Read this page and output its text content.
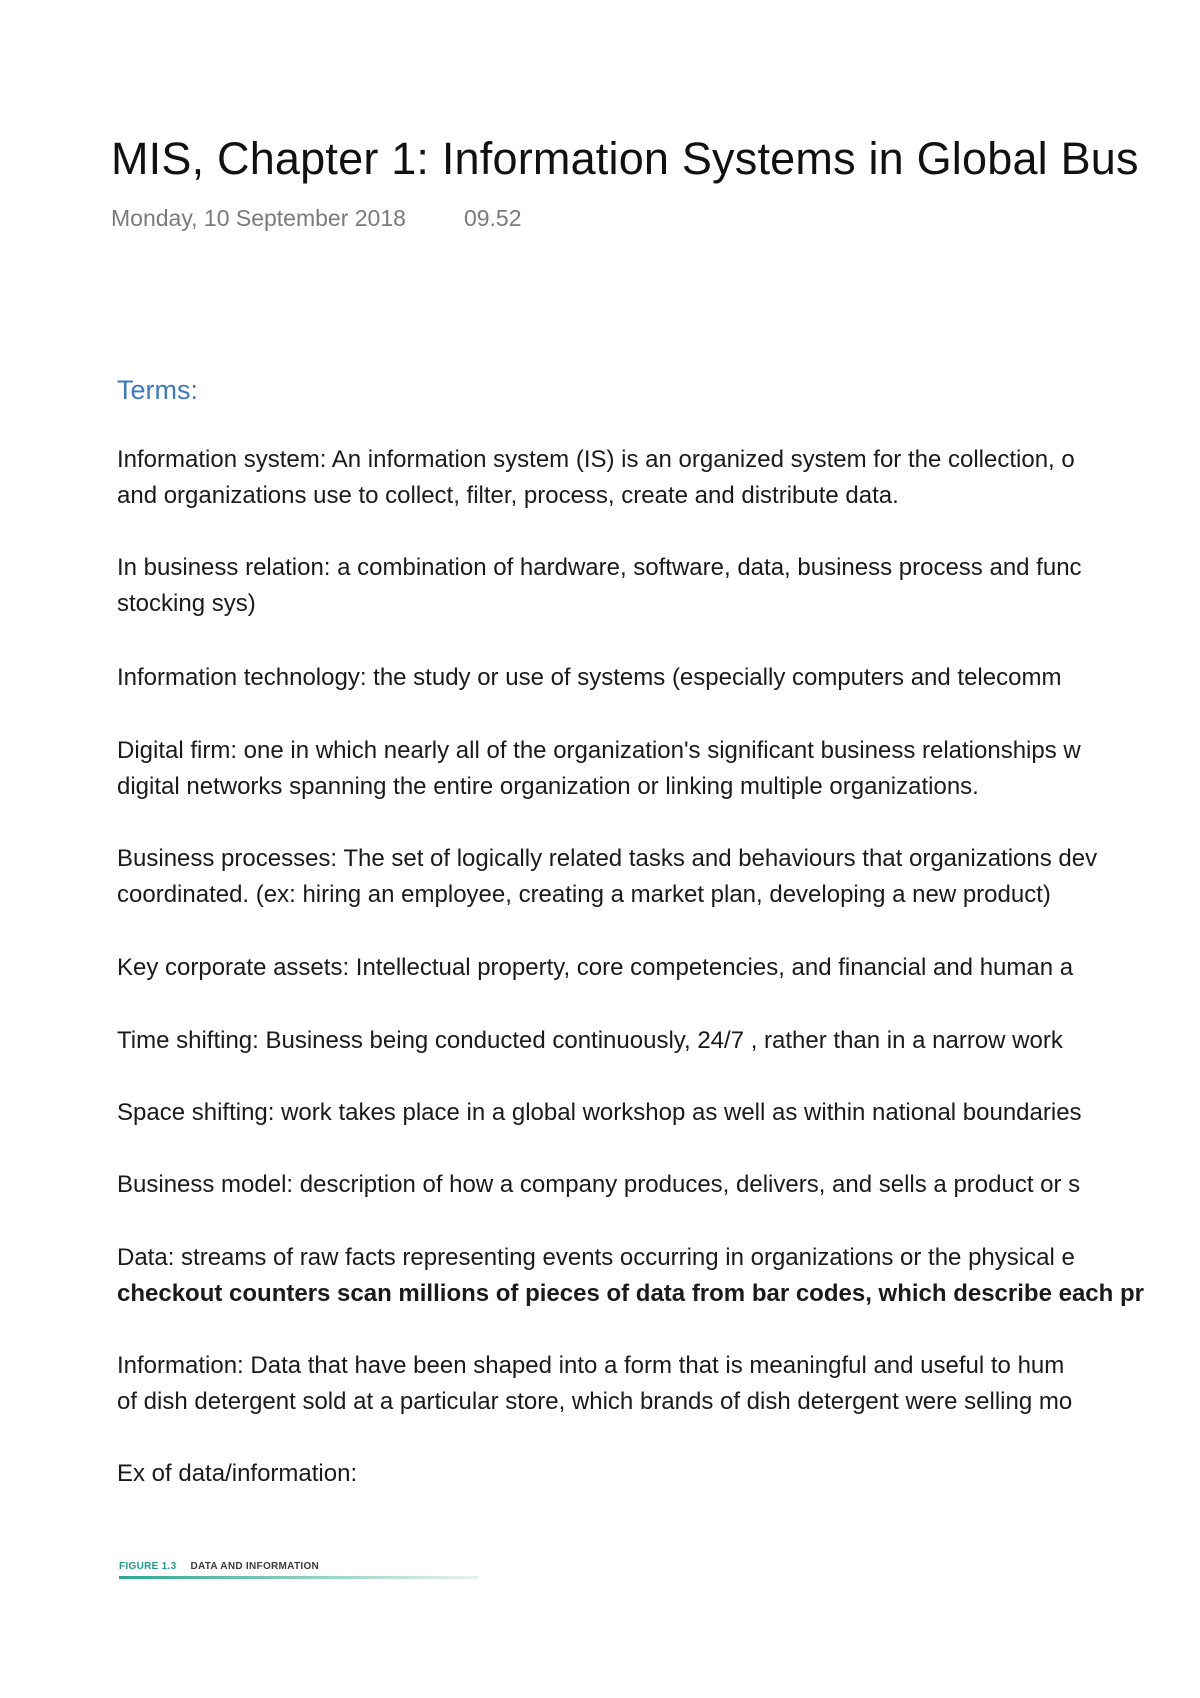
MIS, Chapter 1: Information Systems in Global Bus
Monday, 10 September 2018	09.52
Terms:
Information system: An information system (IS) is an organized system for the collection, o
and organizations use to collect, filter, process, create and distribute data.
In business relation: a combination of hardware, software, data, business process and func
stocking sys)
Information technology: the study or use of systems (especially computers and telecomm
Digital firm: one in which nearly all of the organization's significant business relationships w
digital networks spanning the entire organization or linking multiple organizations.
Business processes: The set of logically related tasks and behaviours that organizations dev
coordinated. (ex: hiring an employee, creating a market plan, developing a new product)
Key corporate assets: Intellectual property, core competencies, and financial and human a
Time shifting: Business being conducted continuously, 24/7 , rather than in a narrow work
Space shifting: work takes place in a global workshop as well as within national boundaries
Business model: description of how a company produces, delivers, and sells a product or s
Data: streams of raw facts representing events occurring in organizations or the physical e
checkout counters scan millions of pieces of data from bar codes, which describe each pr
Information: Data that have been shaped into a form that is meaningful and useful to hum
of dish detergent sold at a particular store, which brands of dish detergent were selling mo
Ex of data/information:
FIGURE 1.3 DATA AND INFORMATION
